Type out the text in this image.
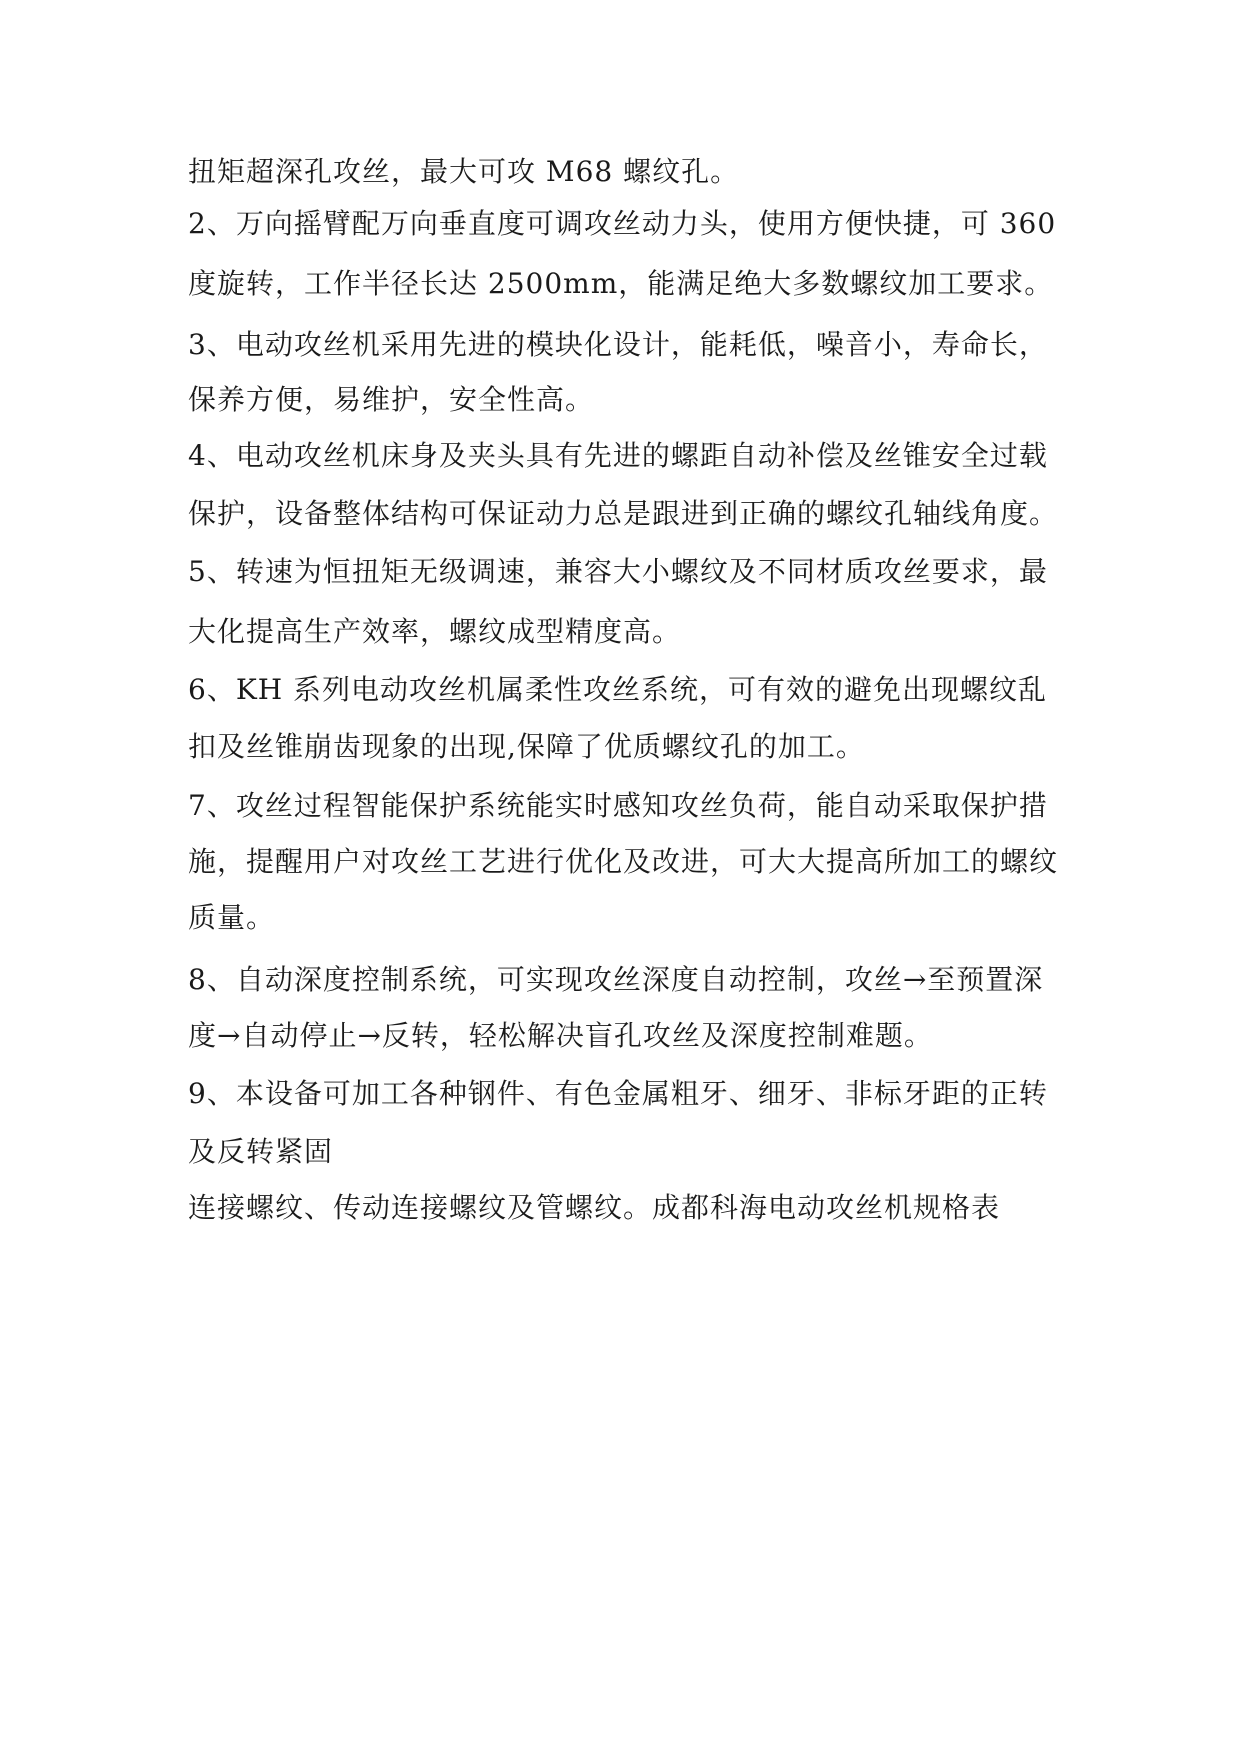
扭矩超深孔攻丝，最大可攻 M68 螺纹孔。

2、万向摇臂配万向垂直度可调攻丝动力头，使用方便快捷，可 360

度旋转，工作半径长达 2500mm，能满足绝大多数螺纹加工要求。

3、电动攻丝机采用先进的模块化设计，能耗低，噪音小，寿命长，

保养方便，易维护，安全性高。

4、电动攻丝机床身及夹头具有先进的螺距自动补偿及丝锥安全过载

保护，设备整体结构可保证动力总是跟进到正确的螺纹孔轴线角度。

5、转速为恒扭矩无级调速，兼容大小螺纹及不同材质攻丝要求，最

大化提高生产效率，螺纹成型精度高。

6、KH 系列电动攻丝机属柔性攻丝系统，可有效的避免出现螺纹乱

扣及丝锥崩齿现象的出现,保障了优质螺纹孔的加工。

7、攻丝过程智能保护系统能实时感知攻丝负荷，能自动采取保护措

施，提醒用户对攻丝工艺进行优化及改进，可大大提高所加工的螺纹

质量。

8、自动深度控制系统，可实现攻丝深度自动控制，攻丝→至预置深

度→自动停止→反转，轻松解决盲孔攻丝及深度控制难题。

9、本设备可加工各种钢件、有色金属粗牙、细牙、非标牙距的正转

及反转紧固

连接螺纹、传动连接螺纹及管螺纹。成都科海电动攻丝机规格表
